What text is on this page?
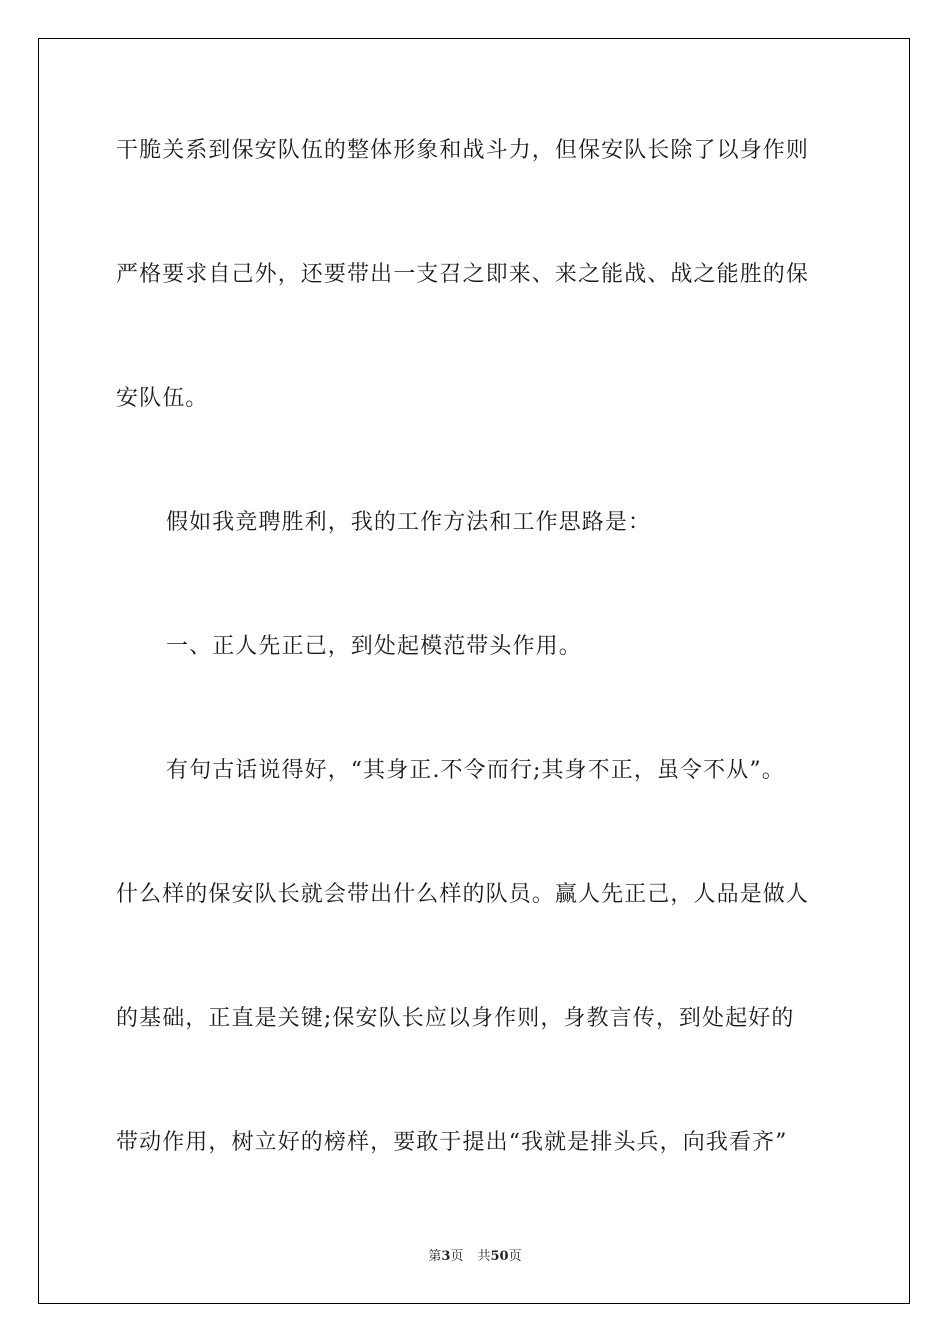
干脆关系到保安队伍的整体形象和战斗力，但保安队长除了以身作则
严格要求自己外，还要带出一支召之即来、来之能战、战之能胜的保
安队伍。
假如我竞聘胜利，我的工作方法和工作思路是：
一、正人先正己，到处起模范带头作用。
有句古话说得好，“其身正.不令而行;其身不正，虽令不从”。
什么样的保安队长就会带出什么样的队员。赢人先正己，人品是做人
的基础，正直是关键;保安队长应以身作则，身教言传，到处起好的
带动作用，树立好的榜样，要敢于提出“我就是排头兵，向我看齐”
第3页 共50页
